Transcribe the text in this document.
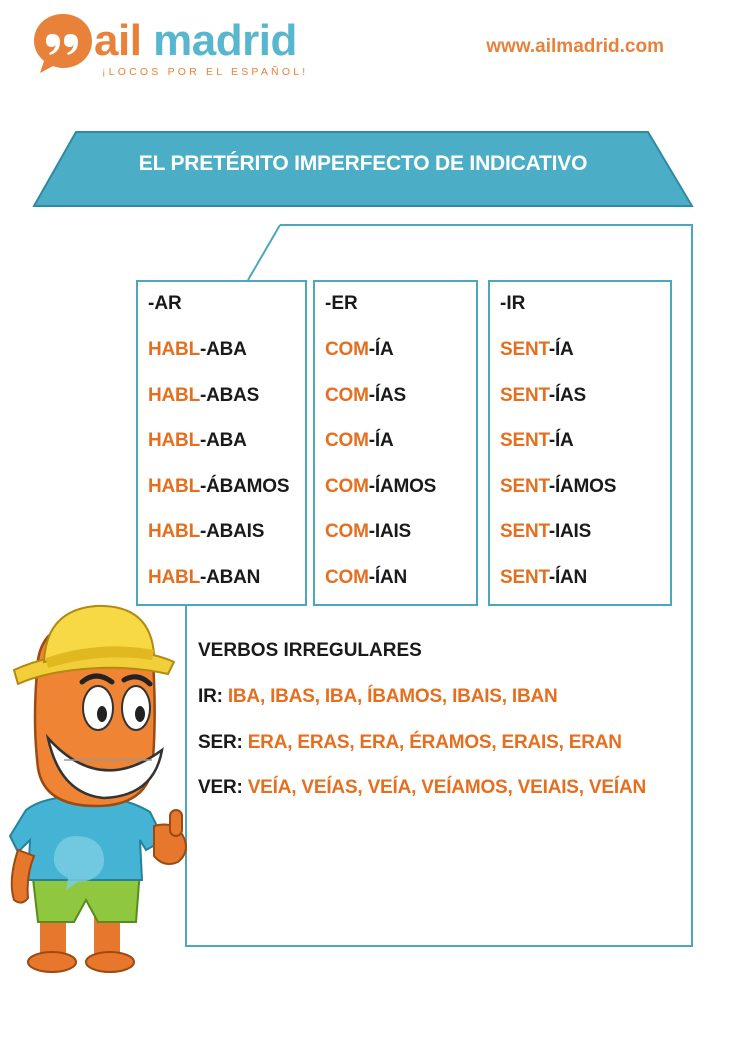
ail madrid
¡LOCOS POR EL ESPAÑOL!
www.ailmadrid.com
EL PRETÉRITO IMPERFECTO DE INDICATIVO
-AR
HABL-ABA
HABL-ABAS
HABL-ABA
HABL-ÁBAMOS
HABL-ABAIS
HABL-ABAN
-ER
COM-ÍA
COM-ÍAS
COM-ÍA
COM-ÍAMOS
COM-IAIS
COM-ÍAN
-IR
SENT-ÍA
SENT-ÍAS
SENT-ÍA
SENT-ÍAMOS
SENT-IAIS
SENT-ÍAN
VERBOS IRREGULARES
IR: IBA, IBAS, IBA, ÍBAMOS, IBAIS, IBAN
SER: ERA, ERAS, ERA, ÉRAMOS, ERAIS, ERAN
VER: VEÍA, VEÍAS, VEÍA, VEÍAMOS, VEIAIS, VEÍAN
